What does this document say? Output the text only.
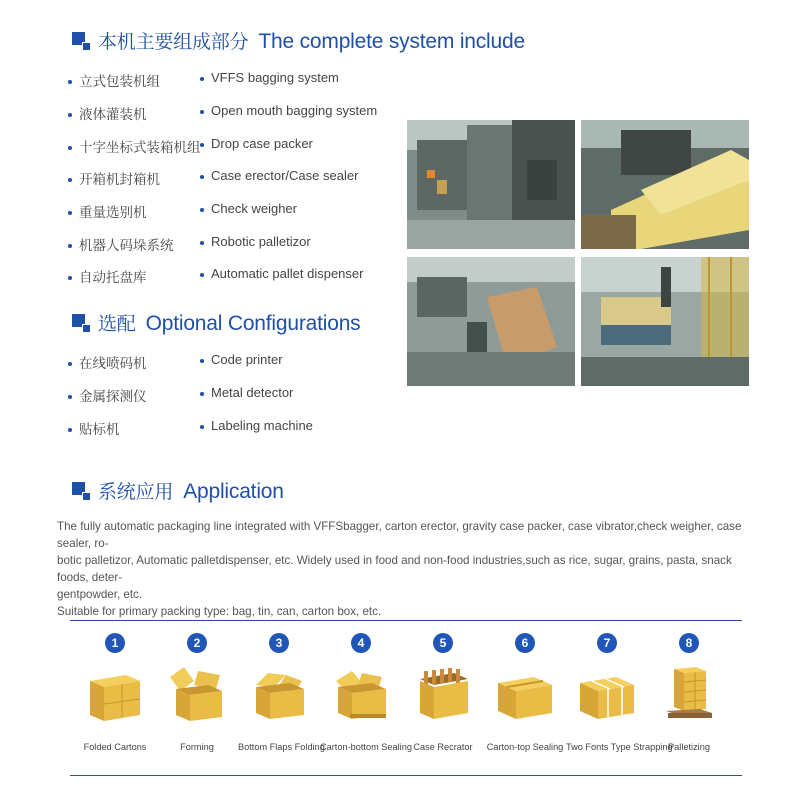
本机主要组成部分 The complete system include
立式包装机组	VFFS bagging system
液体灌装机	Open mouth bagging system
十字坐标式装箱机组 Drop case packer
开箱机封箱机	Case erector/Case sealer
重量选别机	Check weigher
机器人码垛系统	Robotic palletizor
自动托盘库	Automatic pallet dispenser
选配 Optional Configurations
在线喷码机	Code printer
金属探测仪	Metal detector
贴标机	Labeling machine
系统应用 Application

The fully automatic packaging line integrated with VFFSbagger, carton erector, gravity case packer, case vibrator,check weigher, case sealer, ro-

botic palletizor, Automatic palletdispenser, etc. Widely used in food and non-food industries,such as rice, sugar, grains, pasta, snack foods, deter-

gentpowder, etc.

Suitable for primary packing type: bag, tin, can, carton box, etc.

1
Folded Cartons
2
Forming
3
Bottom Flaps Folding
4
Carton-bottom Sealing
5
Case Recrator
6
Carton-top Sealing
7
Two Fonts Type Strapping
8
Palletizing
